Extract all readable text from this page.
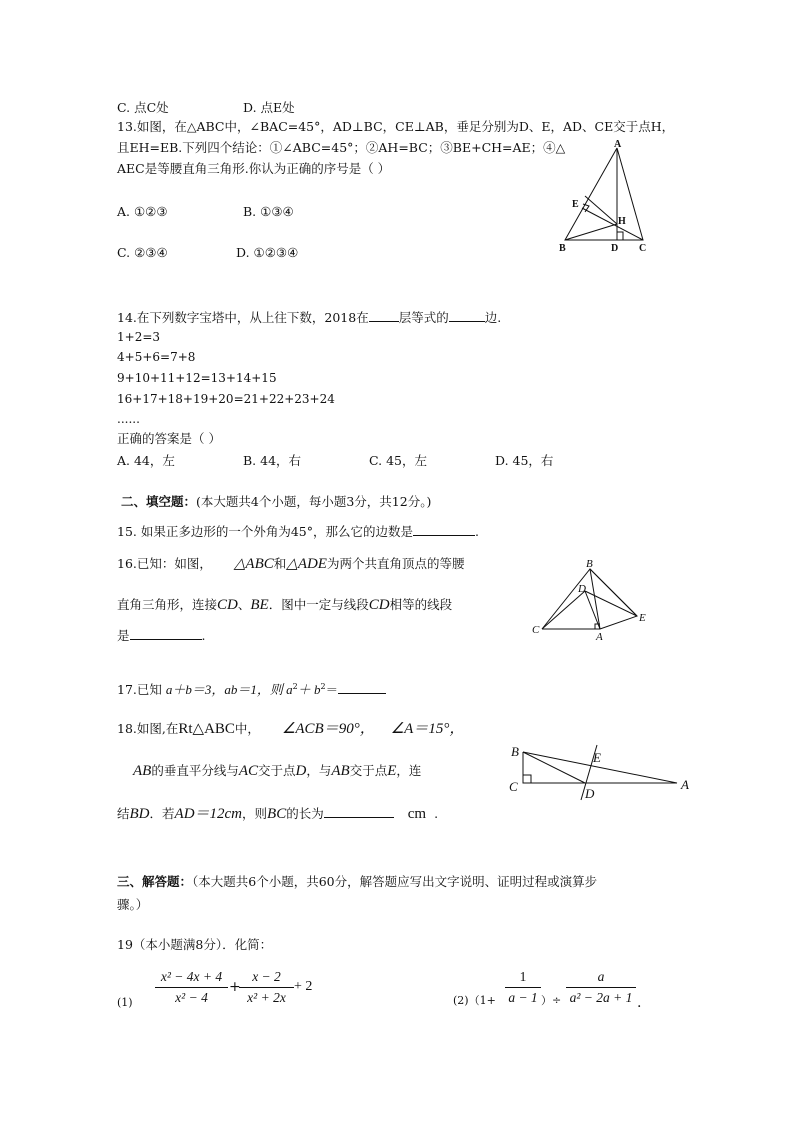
C. 点C处	D. 点E处
13.如图，在△ABC中，∠BAC=45°，AD⊥BC，CE⊥AB，垂足分别为D、E，AD、CE交于点H，
且EH=EB.下列四个结论：①∠ABC=45°；②AH=BC；③BE+CH=AE；④△
AEC是等腰直角三角形.你认为正确的序号是（ ）
A. ①②③	B. ①③④
C. ②③④	D. ①②③④
A
E
H
B	D C
14.在下列数字宝塔中，从上往下数，2018在 层等式的	边.
1+2=3
4+5+6=7+8
9+10+11+12=13+14+15
16+17+18+19+20=21+22+23+24
......
正确的答案是（ ）
A. 44，左	B. 44，右	C. 45，左	D. 45，右
二、填空题：(本大题共4个小题，每小题3分，共12分。)
15. 如果正多边形的一个外角为45°，那么它的边数是	.
16.已知：如图， △ABC和△ADE为两个共直角顶点的等腰
直角三角形，连接CD、BE．图中一定与线段CD相等的线段
是	.
B
D
E
C
A
17.已知 a＋b＝3，ab＝1，则 $a^2+ b^2=$
18.如图,在Rt△ABC中， ∠ACB＝90°， ∠A＝15°，
AB的垂直平分线与AC交于点D，与AB交于点E，连
结BD．若AD＝12cm，则BC的长为	cm .
B	E
C	D
A
三、解答题：（本大题共6个小题，共60分，解答题应写出文字说明、证明过程或演算步
骤。）
19（本小题满8分）．化简：
(1)
x² − 4x + 4
x² − 4
+
x − 2
x² + 2x
+ 2
(2)（1+
1
a − 1 ）÷
a
a² − 2a + 1 .
